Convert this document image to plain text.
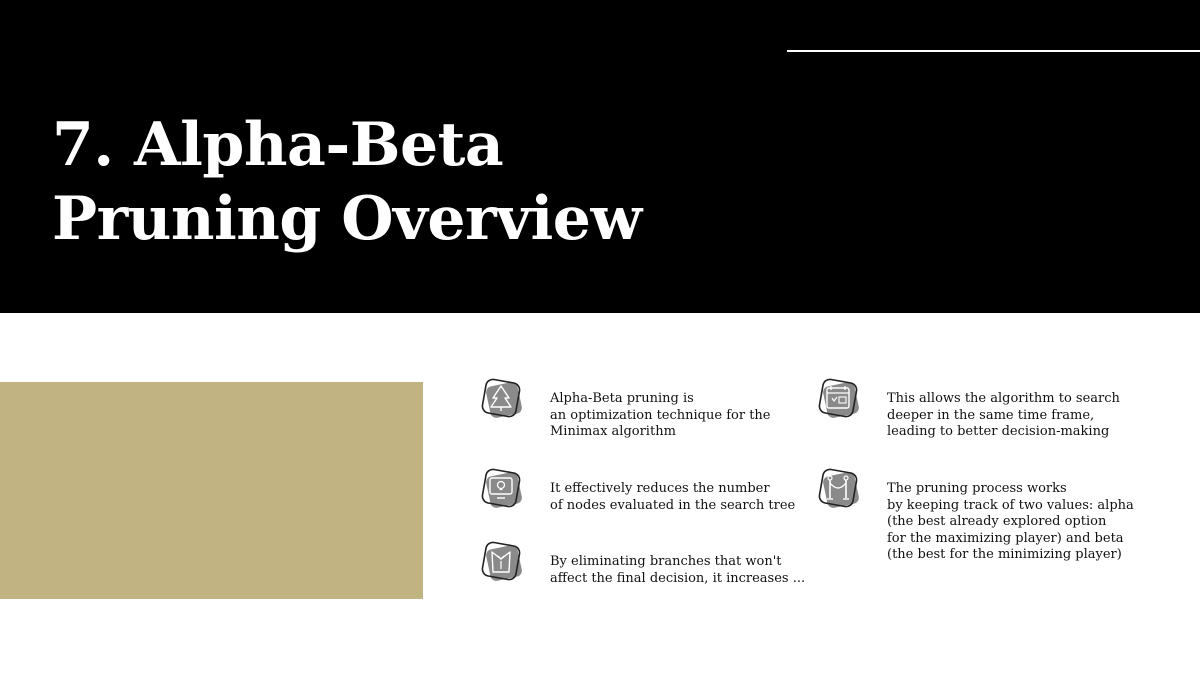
7. Alpha-Beta
Pruning Overview
Alpha-Beta pruning is
an optimization technique for the
Minimax algorithm
It effectively reduces the number
of nodes evaluated in the search tree
By eliminating branches that won't
affect the final decision, it increases ...
This allows the algorithm to search
deeper in the same time frame,
leading to better decision-making
The pruning process works
by keeping track of two values: alpha
(the best already explored option
for the maximizing player) and beta
(the best for the minimizing player)
